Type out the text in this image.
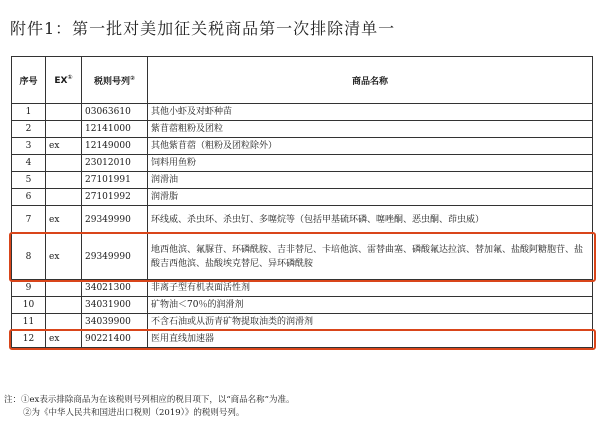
附件1：第一批对美加征关税商品第一次排除清单一
序号	EX①	税则号列②	商品名称
1		03063610	其他小虾及对虾种苗
2		12141000	紫苜蓿粗粉及团粒
3	ex	12149000	其他紫苜蓿（粗粉及团粒除外）
4		23012010	饲料用鱼粉
5		27101991	润滑油
6		27101992	润滑脂
7	ex	29349990	环线威、杀虫环、杀虫钉、多噻烷等（包括甲基硫环磷、噻唑酮、恶虫酮、茚虫威）
8	ex	29349990	地西他滨、氟脲苷、环磷酰胺、吉非替尼、卡培他滨、雷替曲塞、磷酸氟达拉滨、替加氟、盐酸阿糖胞苷、盐酸吉西他滨、盐酸埃克替尼、异环磷酰胺
9		34021300	非离子型有机表面活性剂
10		34031900	矿物油＜70％的润滑剂
11		34039900	不含石油或从沥青矿物提取油类的润滑剂
12	ex	90221400	医用直线加速器
注：①ex表示排除商品为在该税则号列相应的税目项下，以“商品名称”为准。
②为《中华人民共和国进出口税则（2019）》的税则号列。
